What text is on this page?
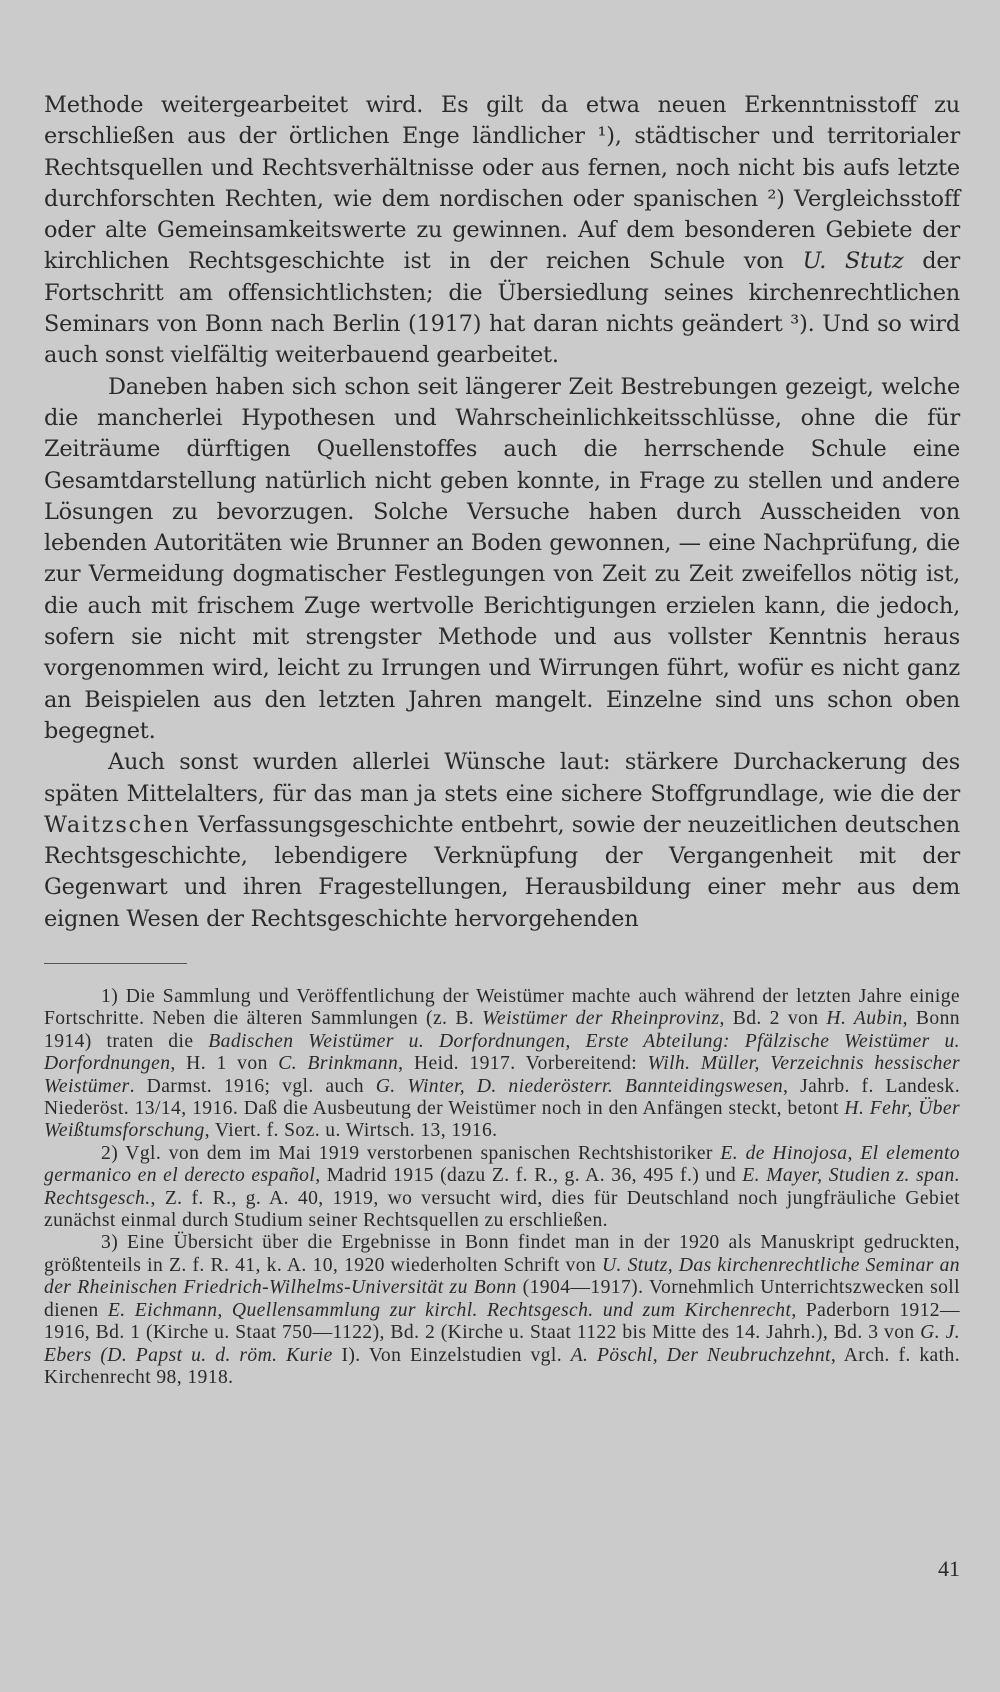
Methode weitergearbeitet wird. Es gilt da etwa neuen Erkenntnisstoff zu erschließen aus der örtlichen Enge ländlicher ¹), städtischer und territorialer Rechtsquellen und Rechtsverhältnisse oder aus fernen, noch nicht bis aufs letzte durchforschten Rechten, wie dem nordischen oder spanischen ²) Vergleichsstoff oder alte Gemeinsamkeitswerte zu gewinnen. Auf dem besonderen Gebiete der kirchlichen Rechtsgeschichte ist in der reichen Schule von U. Stutz der Fortschritt am offensichtlichsten; die Übersiedlung seines kirchenrechtlichen Seminars von Bonn nach Berlin (1917) hat daran nichts geändert ³). Und so wird auch sonst vielfältig weiterbauend gearbeitet.

Daneben haben sich schon seit längerer Zeit Bestrebungen gezeigt, welche die mancherlei Hypothesen und Wahrscheinlichkeitsschlüsse, ohne die für Zeiträume dürftigen Quellenstoffes auch die herrschende Schule eine Gesamtdarstellung natürlich nicht geben konnte, in Frage zu stellen und andere Lösungen zu bevorzugen. Solche Versuche haben durch Ausscheiden von lebenden Autoritäten wie Brunner an Boden gewonnen, — eine Nachprüfung, die zur Vermeidung dogmatischer Festlegungen von Zeit zu Zeit zweifellos nötig ist, die auch mit frischem Zuge wertvolle Berichtigungen erzielen kann, die jedoch, sofern sie nicht mit strengster Methode und aus vollster Kenntnis heraus vorgenommen wird, leicht zu Irrungen und Wirrungen führt, wofür es nicht ganz an Beispielen aus den letzten Jahren mangelt. Einzelne sind uns schon oben begegnet.

Auch sonst wurden allerlei Wünsche laut: stärkere Durchackerung des späten Mittelalters, für das man ja stets eine sichere Stoffgrundlage, wie die der Waitzschen Verfassungsgeschichte entbehrt, sowie der neuzeitlichen deutschen Rechtsgeschichte, lebendigere Verknüpfung der Vergangenheit mit der Gegenwart und ihren Fragestellungen, Herausbildung einer mehr aus dem eignen Wesen der Rechtsgeschichte hervorgehenden

1) Die Sammlung und Veröffentlichung der Weistümer machte auch während der letzten Jahre einige Fortschritte. Neben die älteren Sammlungen (z. B. Weistümer der Rheinprovinz, Bd. 2 von H. Aubin, Bonn 1914) traten die Badischen Weistümer u. Dorfordnungen, Erste Abteilung: Pfälzische Weistümer u. Dorfordnungen, H. 1 von C. Brinkmann, Heid. 1917. Vorbereitend: Wilh. Müller, Verzeichnis hessischer Weistümer. Darmst. 1916; vgl. auch G. Winter, D. niederösterr. Bannteidingswesen, Jahrb. f. Landesk. Niederöst. 13/14, 1916. Daß die Ausbeutung der Weistümer noch in den Anfängen steckt, betont H. Fehr, Über Weißtumsforschung, Viert. f. Soz. u. Wirtsch. 13, 1916.

2) Vgl. von dem im Mai 1919 verstorbenen spanischen Rechtshistoriker E. de Hinojosa, El elemento germanico en el derecto español, Madrid 1915 (dazu Z. f. R., g. A. 36, 495 f.) und E. Mayer, Studien z. span. Rechtsgesch., Z. f. R., g. A. 40, 1919, wo versucht wird, dies für Deutschland noch jungfräuliche Gebiet zunächst einmal durch Studium seiner Rechtsquellen zu erschließen.

3) Eine Übersicht über die Ergebnisse in Bonn findet man in der 1920 als Manuskript gedruckten, größtenteils in Z. f. R. 41, k. A. 10, 1920 wiederholten Schrift von U. Stutz, Das kirchenrechtliche Seminar an der Rheinischen Friedrich-Wilhelms-Universität zu Bonn (1904—1917). Vornehmlich Unterrichtszwecken soll dienen E. Eichmann, Quellensammlung zur kirchl. Rechtsgesch. und zum Kirchenrecht, Paderborn 1912—1916, Bd. 1 (Kirche u. Staat 750—1122), Bd. 2 (Kirche u. Staat 1122 bis Mitte des 14. Jahrh.), Bd. 3 von G. J. Ebers (D. Papst u. d. röm. Kurie I). Von Einzelstudien vgl. A. Pöschl, Der Neubruchzehnt, Arch. f. kath. Kirchenrecht 98, 1918.

41
